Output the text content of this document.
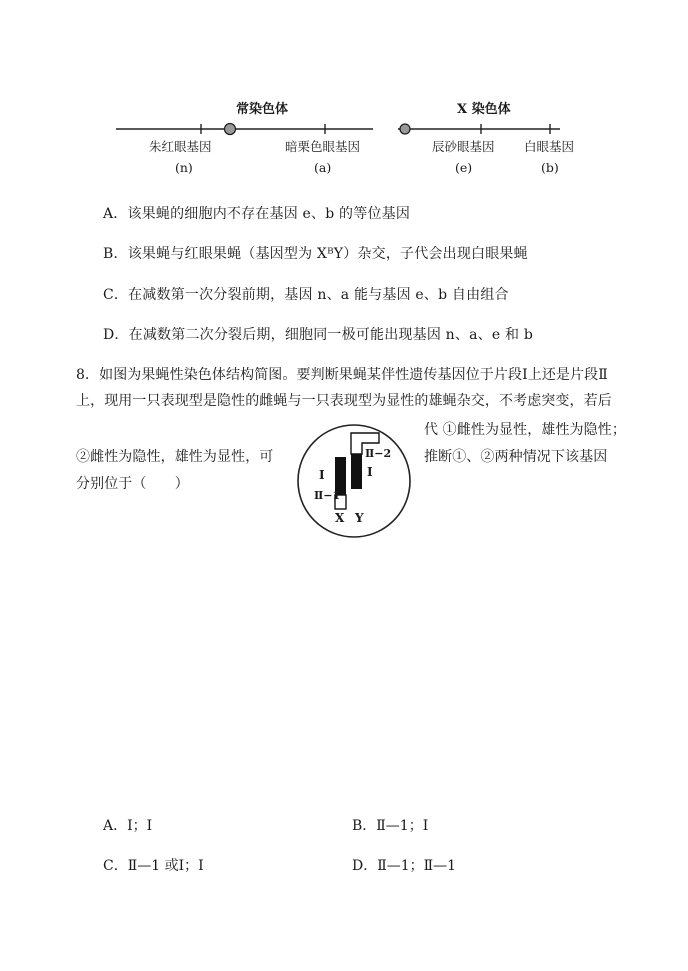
常染色体	X 染色体
朱红眼基因	暗栗色眼基因	辰砂眼基因 白眼基因
(n)	(a)	(e)	(b)
A．该果蝇的细胞内不存在基因 e、b 的等位基因
B．该果蝇与红眼果蝇（基因型为 XᴮY）杂交，子代会出现白眼果蝇
C．在减数第一次分裂前期，基因 n、a 能与基因 e、b 自由组合
D．在减数第二次分裂后期，细胞同一极可能出现基因 n、a、e 和 b
8．如图为果蝇性染色体结构简图。要判断果蝇某伴性遗传基因位于片段Ⅰ上还是片段Ⅱ
上，现用一只表现型是隐性的雌蝇与一只表现型为显性的雄蝇杂交，不考虑突变，若后
代 ①雌性为显性，雄性为隐性；
②雌性为隐性，雄性为显性，可	推断①、②两种情况下该基因
分别位于（　　）
Ⅰ
Ⅱ−1
Ⅰ
Ⅱ−2
X Y
A．Ⅰ；Ⅰ	B．Ⅱ—1；Ⅰ
C．Ⅱ—1 或Ⅰ；Ⅰ	D．Ⅱ—1；Ⅱ—1
